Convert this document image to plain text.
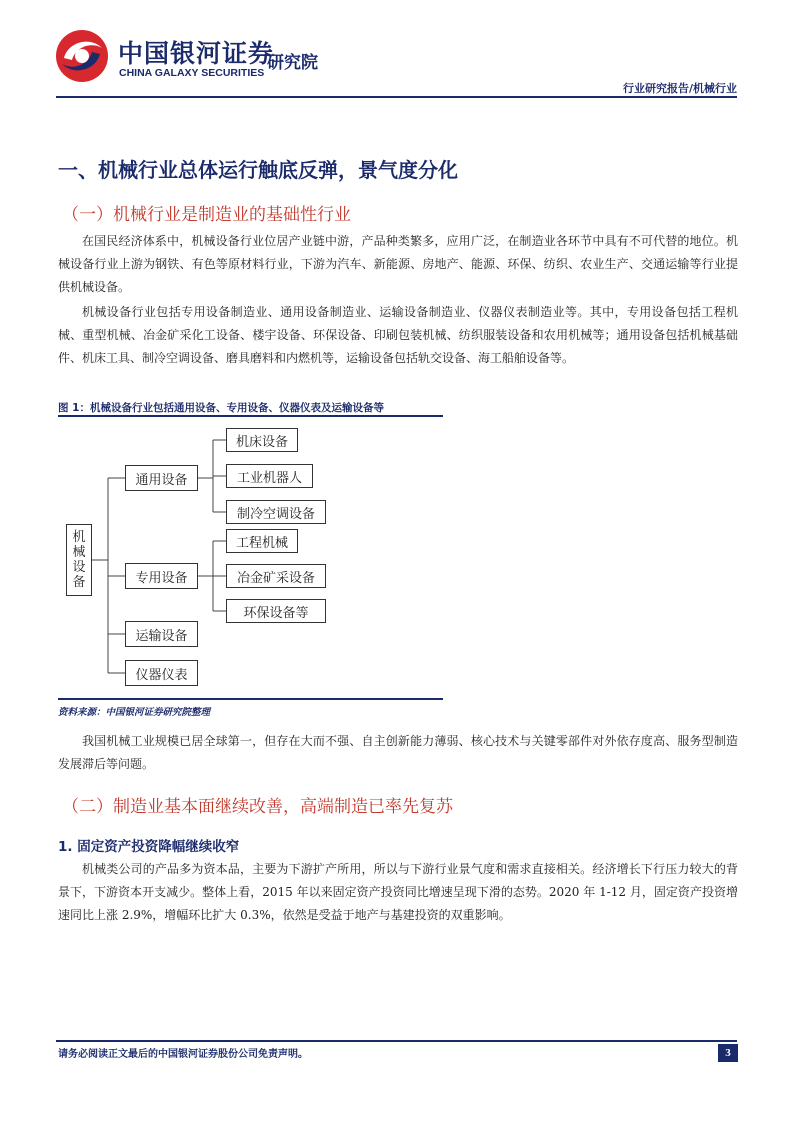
中国银河证券
CHINA GALAXY SECURITIES 研究院
行业研究报告/机械行业
一、机械行业总体运行触底反弹，景气度分化
（一）机械行业是制造业的基础性行业

在国民经济体系中，机械设备行业位居产业链中游，产品种类繁多，应用广泛，在制造业各环节中具有不可代替的地位。机械设备行业上游为钢铁、有色等原材料行业，下游为汽车、新能源、房地产、能源、环保、纺织、农业生产、交通运输等行业提供机械设备。

机械设备行业包括专用设备制造业、通用设备制造业、运输设备制造业、仪器仪表制造业等。其中，专用设备包括工程机械、重型机械、冶金矿采化工设备、楼宇设备、环保设备、印刷包装机械、纺织服装设备和农用机械等；通用设备包括机械基础件、机床工具、制冷空调设备、磨具磨料和内燃机等，运输设备包括轨交设备、海工船舶设备等。

图 1：机械设备行业包括通用设备、专用设备、仪器仪表及运输设备等
机械设备
通用设备
机床设备
工业机器人
制冷空调设备
专用设备
工程机械
冶金矿采设备
环保设备等
运输设备
仪器仪表
资料来源：中国银河证券研究院整理

我国机械工业规模已居全球第一，但存在大而不强、自主创新能力薄弱、核心技术与关键零部件对外依存度高、服务型制造发展滞后等问题。

（二）制造业基本面继续改善，高端制造已率先复苏
1. 固定资产投资降幅继续收窄

机械类公司的产品多为资本品，主要为下游扩产所用，所以与下游行业景气度和需求直接相关。经济增长下行压力较大的背景下，下游资本开支减少。整体上看，2015 年以来固定资产投资同比增速呈现下滑的态势。2020 年 1-12 月，固定资产投资增速同比上涨 2.9%，增幅环比扩大 0.3%，依然是受益于地产与基建投资的双重影响。

请务必阅读正文最后的中国银河证券股份公司免责声明。	3
